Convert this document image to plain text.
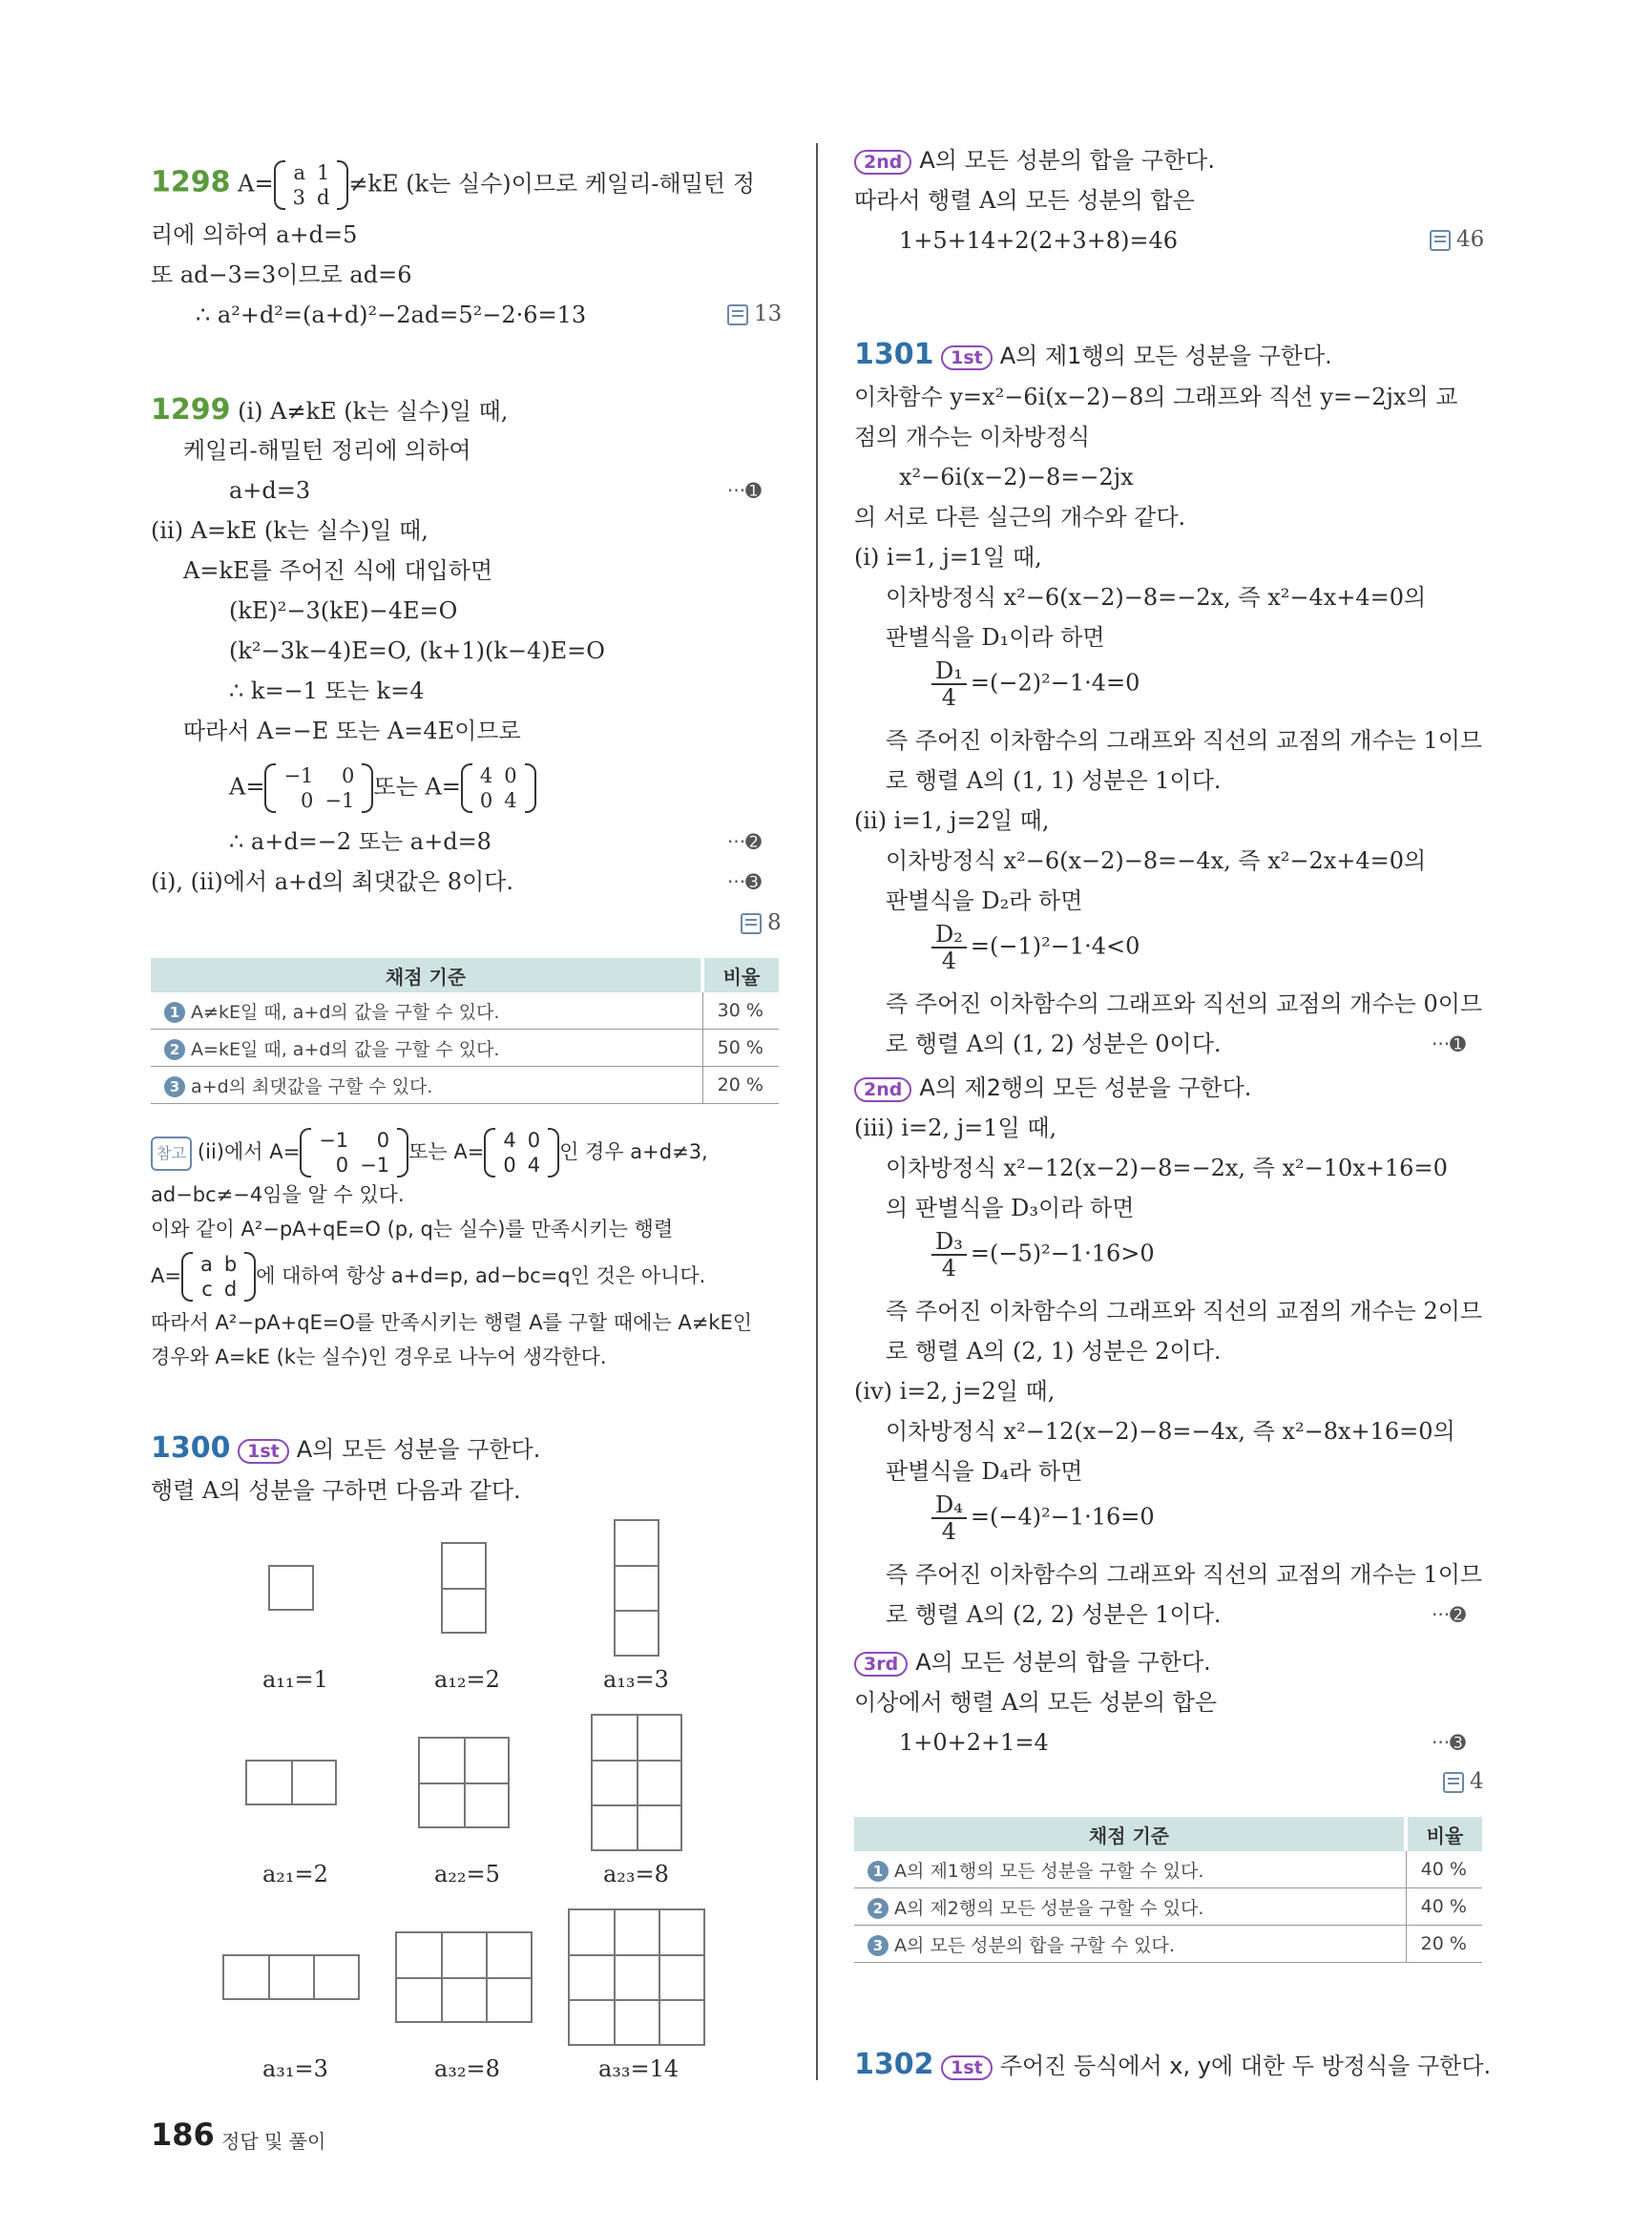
1298 A= a	1
3	d
≠kE (k는 실수)이므로 케일리-해밀턴 정
리에 의하여 a+d=5
또 ad−3=3이므로 ad=6
∴ a²+d²=(a+d)²−2ad=5²−2·6=13	13
1299 (i) A≠kE (k는 실수)일 때,
케일리-해밀턴 정리에 의하여
a+d=3	···➊
(ii) A=kE (k는 실수)일 때,
A=kE를 주어진 식에 대입하면
(kE)²−3(kE)−4E=O
(k²−3k−4)E=O, (k+1)(k−4)E=O
∴ k=−1 또는 k=4
따라서 A=−E 또는 A=4E이므로
A= −1	0
0	−1
또는 A= 4	0
0	4
∴ a+d=−2 또는 a+d=8	···➋
(i), (ii)에서 a+d의 최댓값은 8이다.	···➌
8
채점 기준	비율
1 A≠kE일 때, a+d의 값을 구할 수 있다.	30 %
2 A=kE일 때, a+d의 값을 구할 수 있다.	50 %
3 a+d의 최댓값을 구할 수 있다.	20 %
참고 (ii)에서 A= −1	0
0	−1
또는 A= 4	0
0	4
인 경우 a+d≠3,
ad−bc≠−4임을 알 수 있다.
이와 같이 A²−pA+qE=O (p, q는 실수)를 만족시키는 행렬
A= a	b
c	d
에 대하여 항상 a+d=p, ad−bc=q인 것은 아니다.
따라서 A²−pA+qE=O를 만족시키는 행렬 A를 구할 때에는 A≠kE인
경우와 A=kE (k는 실수)인 경우로 나누어 생각한다.
1300 1st A의 모든 성분을 구한다.
행렬 A의 성분을 구하면 다음과 같다.
a₁₁=1	a₁₂=2	a₁₃=3
a₂₁=2	a₂₂=5	a₂₃=8
a₃₁=3	a₃₂=8	a₃₃=14
2nd A의 모든 성분의 합을 구한다.
따라서 행렬 A의 모든 성분의 합은
1+5+14+2(2+3+8)=46	46
1301 1st A의 제1행의 모든 성분을 구한다.
이차함수 y=x²−6i(x−2)−8의 그래프와 직선 y=−2jx의 교
점의 개수는 이차방정식
x²−6i(x−2)−8=−2jx
의 서로 다른 실근의 개수와 같다.
(i) i=1, j=1일 때,
이차방정식 x²−6(x−2)−8=−2x, 즉 x²−4x+4=0의
판별식을 D₁이라 하면
$\frac{\text{D₁}}{4} =(-2)^2-1\cdot 4=0$
즉 주어진 이차함수의 그래프와 직선의 교점의 개수는 1이므
로 행렬 A의 (1, 1) 성분은 1이다.
(ii) i=1, j=2일 때,
이차방정식 x²−6(x−2)−8=−4x, 즉 x²−2x+4=0의
판별식을 D₂라 하면
$\frac{\text{D₂}}{4} =(-1)^2-1\cdot 4<0$
즉 주어진 이차함수의 그래프와 직선의 교점의 개수는 0이므
로 행렬 A의 (1, 2) 성분은 0이다.	···➊
2nd A의 제2행의 모든 성분을 구한다.
(iii) i=2, j=1일 때,
이차방정식 x²−12(x−2)−8=−2x, 즉 x²−10x+16=0
의 판별식을 D₃이라 하면
$\frac{\text{D₃}}{4} =(-5)^2-1\cdot 16>0$
즉 주어진 이차함수의 그래프와 직선의 교점의 개수는 2이므
로 행렬 A의 (2, 1) 성분은 2이다.
(iv) i=2, j=2일 때,
이차방정식 x²−12(x−2)−8=−4x, 즉 x²−8x+16=0의
판별식을 D₄라 하면
$\frac{\text{D₄}}{4} =(-4)^2-1\cdot 16=0$
즉 주어진 이차함수의 그래프와 직선의 교점의 개수는 1이므
로 행렬 A의 (2, 2) 성분은 1이다.	···➋
3rd A의 모든 성분의 합을 구한다.
이상에서 행렬 A의 모든 성분의 합은
1+0+2+1=4	···➌
4
채점 기준	비율
1 A의 제1행의 모든 성분을 구할 수 있다.	40 %
2 A의 제2행의 모든 성분을 구할 수 있다.	40 %
3 A의 모든 성분의 합을 구할 수 있다.	20 %
1302 1st 주어진 등식에서 x, y에 대한 두 방정식을 구한다.
186 정답 및 풀이
